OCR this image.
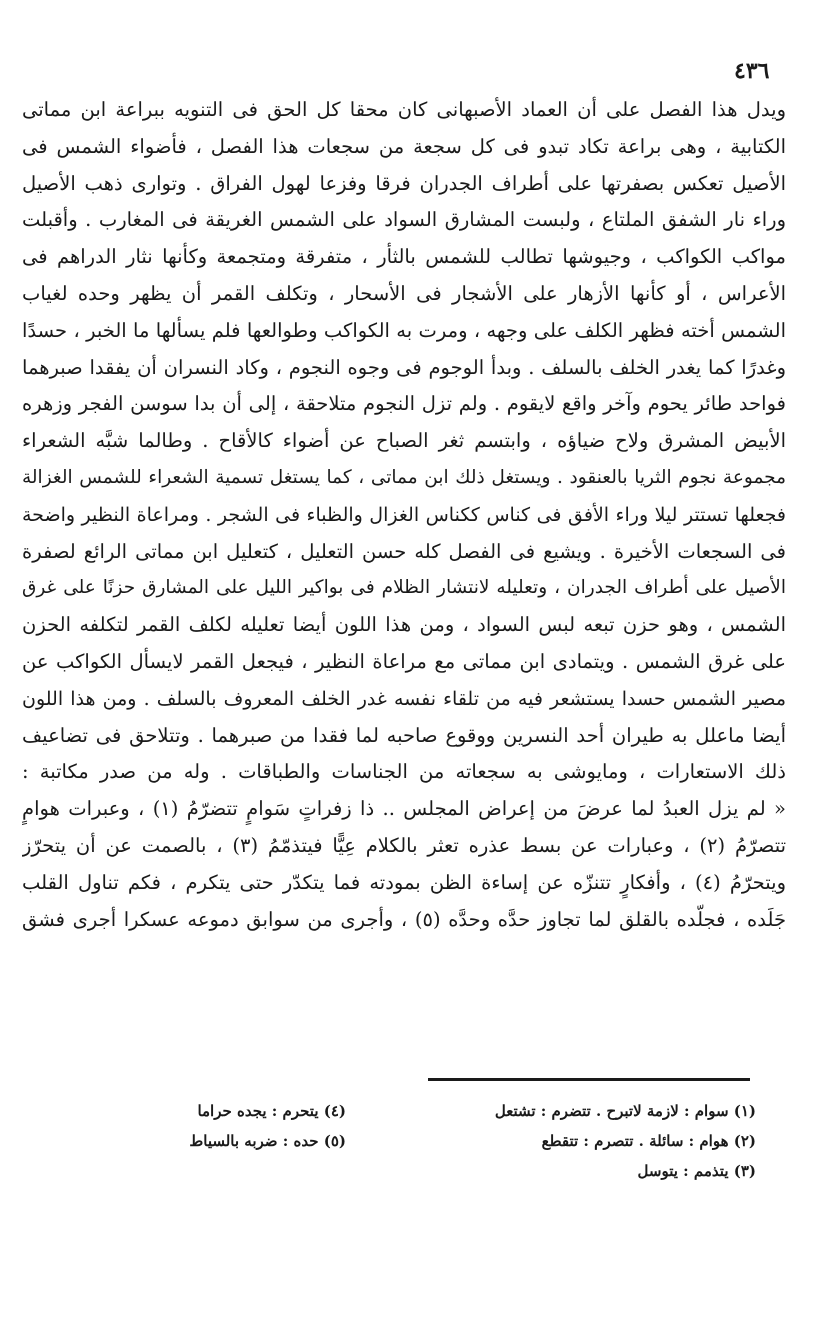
٤٣٦
ويدل هذا الفصل على أن العماد الأصبهانى كان محقا كل الحق فى التنويه ببراعة ابن مماتى
الكتابية ، وهى براعة تكاد تبدو فى كل سجعة من سجعات هذا الفصل ، فأضواء الشمس فى
الأصيل تعكس بصفرتها على أطراف الجدران فرقا وفزعا لهول الفراق . وتوارى ذهب الأصيل
وراء نار الشفق الملتاع ، ولبست المشارق السواد على الشمس الغريقة فى المغارب . وأقبلت
مواكب الكواكب ، وجيوشها تطالب للشمس بالثأر ، متفرقة ومتجمعة وكأنها نثار الدراهم فى
الأعراس ، أو كأنها الأزهار على الأشجار فى الأسحار ، وتكلف القمر أن يظهر وحده لغياب
الشمس أخته فظهر الكلف على وجهه ، ومرت به الكواكب وطوالعها فلم يسألها ما الخبر ، حسدًا
وغدرًا كما يغدر الخلف بالسلف . وبدأ الوجوم فى وجوه النجوم ، وكاد النسران أن يفقدا صبرهما
فواحد طائر يحوم وآخر واقع لايقوم . ولم تزل النجوم متلاحقة ، إلى أن بدا سوسن الفجر وزهره
الأبيض المشرق ولاح ضياؤه ، وابتسم ثغر الصباح عن أضواء كالأقاح . وطالما شبَّه الشعراء
مجموعة نجوم الثريا بالعنقود . ويستغل ذلك ابن مماتى ، كما يستغل تسمية الشعراء للشمس الغزالة
فجعلها تستتر ليلا وراء الأفق فى كناس ككناس الغزال والظباء فى الشجر . ومراعاة النظير واضحة
فى السجعات الأخيرة . ويشيع فى الفصل كله حسن التعليل ، كتعليل ابن مماتى الرائع لصفرة
الأصيل على أطراف الجدران ، وتعليله لانتشار الظلام فى بواكير الليل على المشارق حزنًا على غرق
الشمس ، وهو حزن تبعه لبس السواد ، ومن هذا اللون أيضا تعليله لكلف القمر لتكلفه الحزن
على غرق الشمس . ويتمادى ابن مماتى مع مراعاة النظير ، فيجعل القمر لايسأل الكواكب عن
مصير الشمس حسدا يستشعر فيه من تلقاء نفسه غدر الخلف المعروف بالسلف . ومن هذا اللون
أيضا ماعلل به طيران أحد النسرين ووقوع صاحبه لما فقدا من صبرهما . وتتلاحق فى تضاعيف
ذلك الاستعارات ، ومايوشى به سجعاته من الجناسات والطباقات . وله من صدر مكاتبة :
« لم يزل العبدُ لما عرضَ من إعراض المجلس .. ذا زفراتٍ سَوامٍ تتضرّمُ (١) ، وعبرات هوامٍ
تتصرّمُ (٢) ، وعبارات عن بسط عذره تعثر بالكلام عِيًّا فيتذمّمُ (٣) ، بالصمت عن أن يتحرّز
ويتحرّمُ (٤) ، وأفكارٍ تتنزّه عن إساءة الظن بمودته فما يتكدّر حتى يتكرم ، فكم تناول القلب
جَلَده ، فجلّده بالقلق لما تجاوز حدَّه وحدَّه (٥) ، وأجرى من سوابق دموعه عسكرا أجرى فشق
(١) سوام : لازمة لاتبرح . تتضرم : تشتعل
(٢) هوام : سائلة . تتصرم : تتقطع
(٣) يتذمم : يتوسل
(٤) يتحرم : يجده حراما
(٥) حده : ضربه بالسياط
